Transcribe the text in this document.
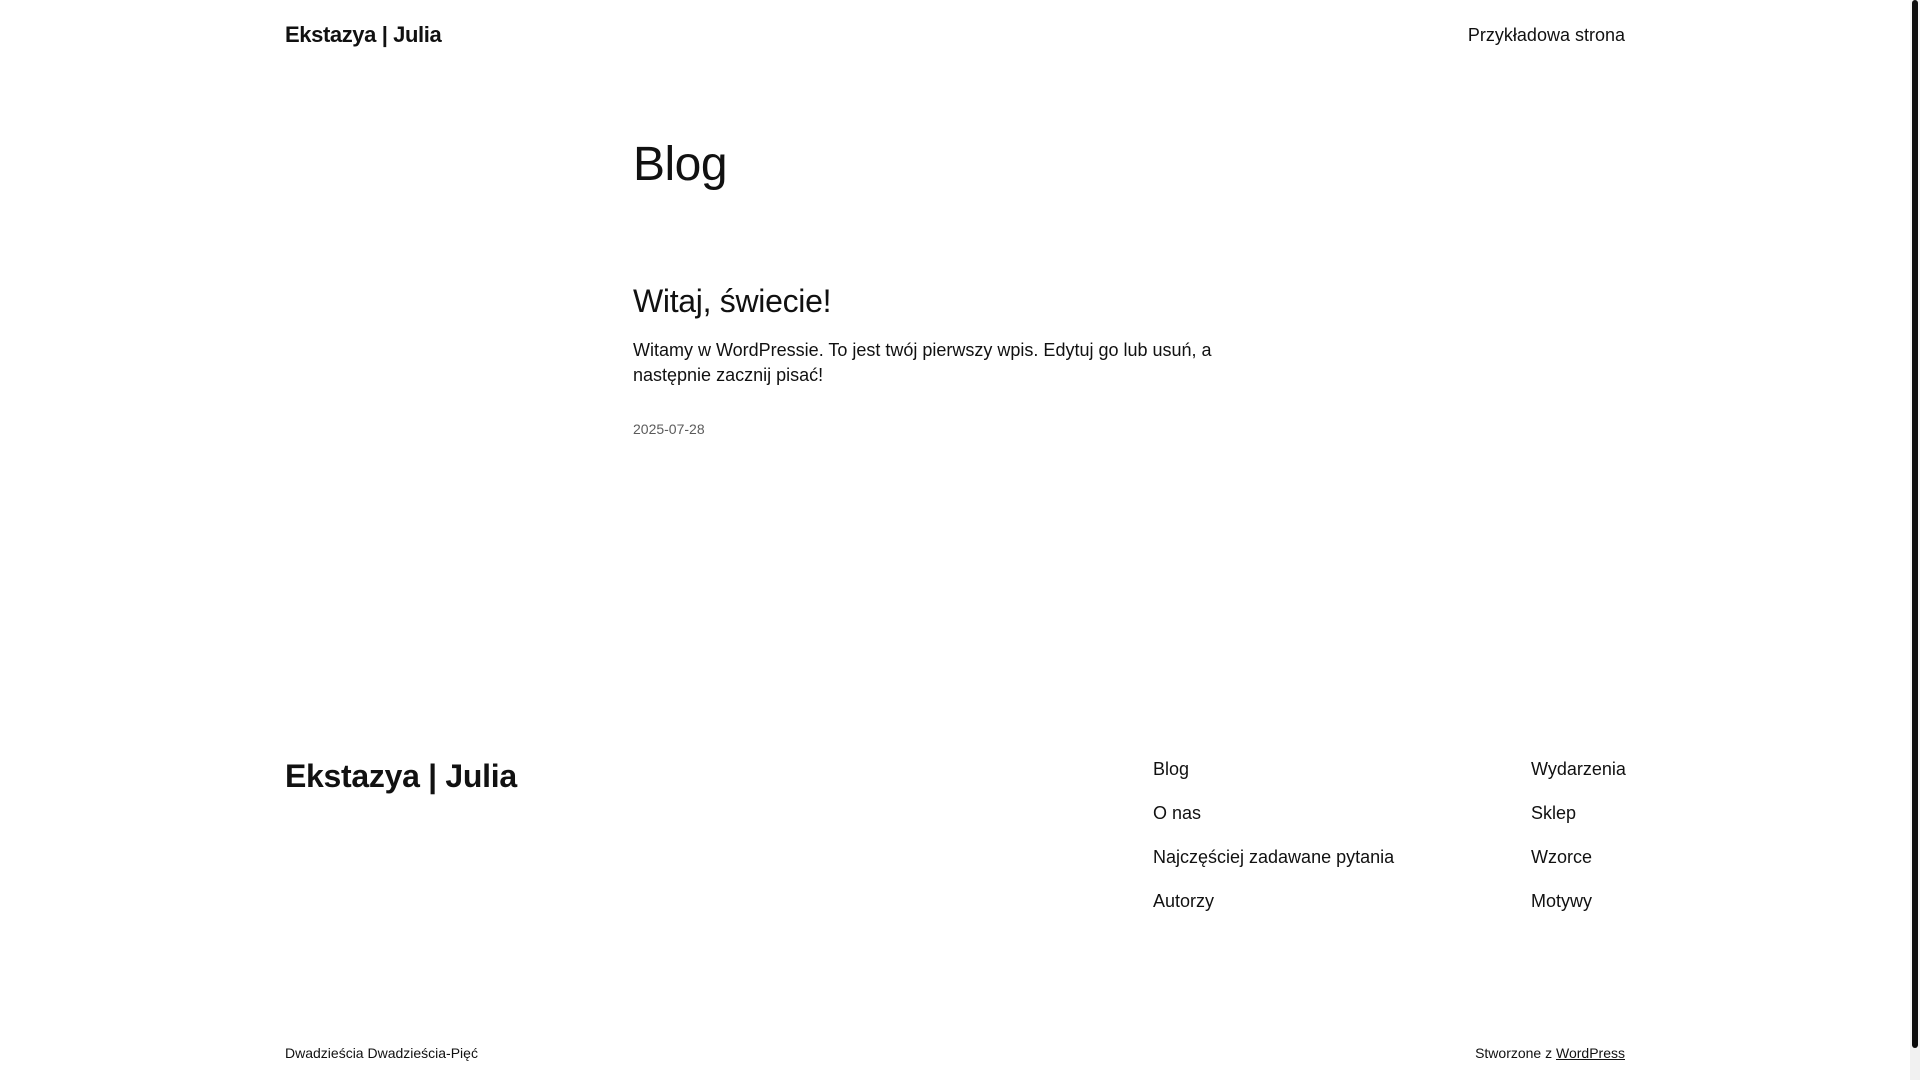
Ekstazya | Julia	Przykładowa strona
Blog
Witaj, świecie!

Witamy w WordPressie. To jest twój pierwszy wpis. Edytuj go lub usuń, a następnie zacznij pisać!

2025-07-28
Ekstazya | Julia	Blog
O nas
Najczęściej zadawane pytania
Autorzy
Wydarzenia
Sklep
Wzorce
Motywy
Dwadzieścia Dwadzieścia-Pięć	Stworzone z WordPress
